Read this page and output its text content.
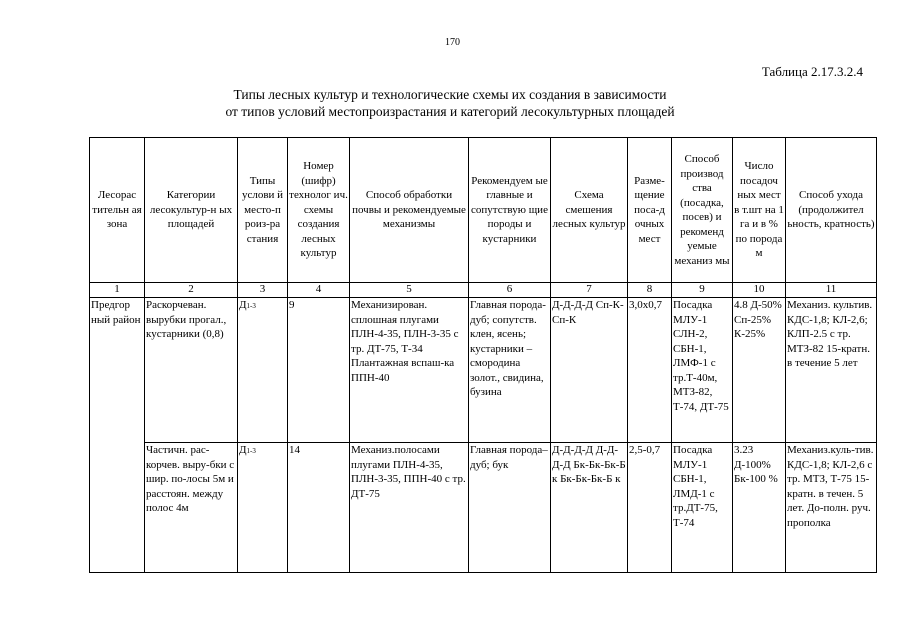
170
Таблица 2.17.3.2.4
Типы лесных культур и технологические схемы их создания в зависимости
от типов условий местопроизрастания и категорий лесокультурных площадей
Лесорас тительн ая зона	Категории лесокультур-н ых площадей	Типы услови й место-п роиз-ра стания	Номер (шифр) технолог ич. схемы создания лесных культур	Способ обработки почвы и рекомендуемые механизмы	Рекомендуем ые главные и сопутствую щие породы и кустарники	Схема смешения лесных культур	Разме-щение поса-д очных мест	Способ производ ства (посадка, посев) и рекоменд уемые механиз мы	Число посадоч ных мест в т.шт на 1 га и в % по порода м	Способ ухода (продолжител ьность, кратность)
1	2	3	4	5	6	7	8	9	10	11
Предгор ный район	Раскорчеван. вырубки прогал., кустарники (0,8)	Д1-3	9	Механизирован. сплошная плугами ПЛН-4-35, ПЛН-3-35 с тр. ДТ-75, Т-34 Плантажная вспаш-ка ППН-40	Главная порода-дуб; сопутств. клен, ясень; кустарники – смородина золот., свидина, бузина	Д-Д-Д-Д Сп-К-Сп-К	3,0х0,7	Посадка МЛУ-1 СЛН-2, СБН-1, ЛМФ-1 с тр.Т-40м, МТЗ-82, Т-74, ДТ-75	4.8 Д-50% Сп-25% К-25%	Механиз. культив. КДС-1,8; КЛ-2,6; КЛП-2.5 с тр. МТЗ-82 15-кратн. в течение 5 лет
	Частичн. рас-корчев. выру-бки с шир. по-лосы 5м и расстоян. между полос 4м	Д1-3	14	Механиз.полосами плугами ПЛН-4-35, ПЛН-3-35, ППН-40 с тр. ДТ-75	Главная порода–дуб; бук	Д-Д-Д-Д Д-Д-Д-Д Бк-Бк-Бк-Б к Бк-Бк-Бк-Б к	2,5-0,7	Посадка МЛУ-1 СБН-1, ЛМД-1 с тр.ДТ-75, Т-74	3.23 Д-100% Бк-100 %	Механиз.куль-тив. КДС-1,8; КЛ-2,6 с тр. МТЗ, Т-75 15-кратн. в течен. 5 лет. До-полн. руч. прополка
